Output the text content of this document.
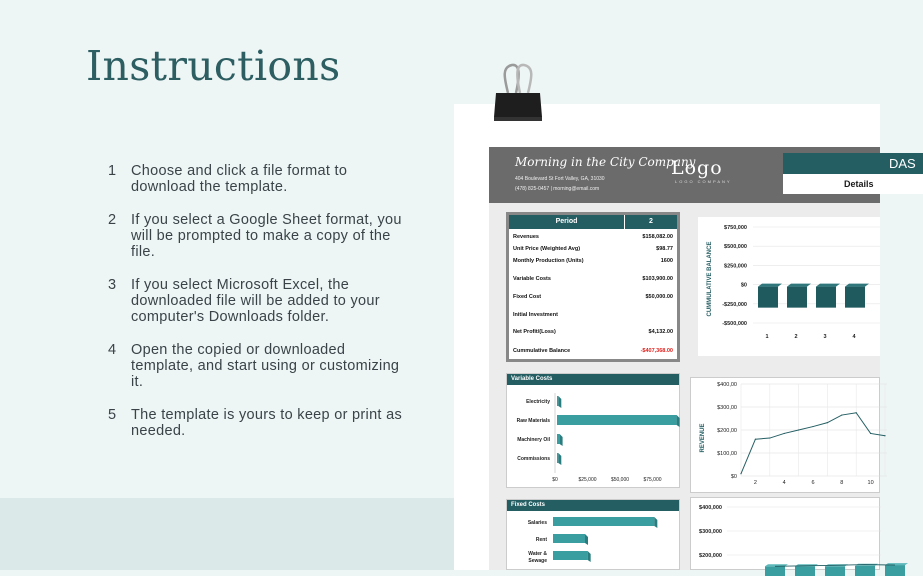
Instructions
1	Choose and click a file format to download the template.
2	If you select a Google Sheet format, you will be prompted to make a copy of the file.
3	If you select Microsoft Excel, the downloaded file will be added to your computer's Downloads folder.
4	Open the copied or downloaded template, and start using or customizing it.
5	The template is yours to keep or print as needed.
Morning in the City Company
404 Boulevard St Fort Valley, GA, 31030
(478) 825-0457 | morning@email.com
Logo
LOGO COMPANY
DAS
Details
Period	2
Revenues	$158,082.00
Unit Price (Weighted Avg)	$98.77
Monthly Production (Units)	1600
Variable Costs	$103,900.00
Fixed Cost	$50,000.00
Initial Investment
Net Profit/(Loss)	$4,132.00
Cummulative Balance	-$407,368.00
$750,000
$500,000
$250,000
$0
-$250,000
-$500,000
CUMMULATIVE BALANCE
1	2	3	4
Variable Costs
Electricity
Raw Materials
Machinery Oil
Commissions
$0	$25,000	$50,000	$75,000
$400,00
$300,00
$200,00
$100,00
$0
REVENUE
2	4	6	8	10
Fixed Costs
Salaries
Rent
Water &
Sewage
$400,000
$300,000
$200,000
